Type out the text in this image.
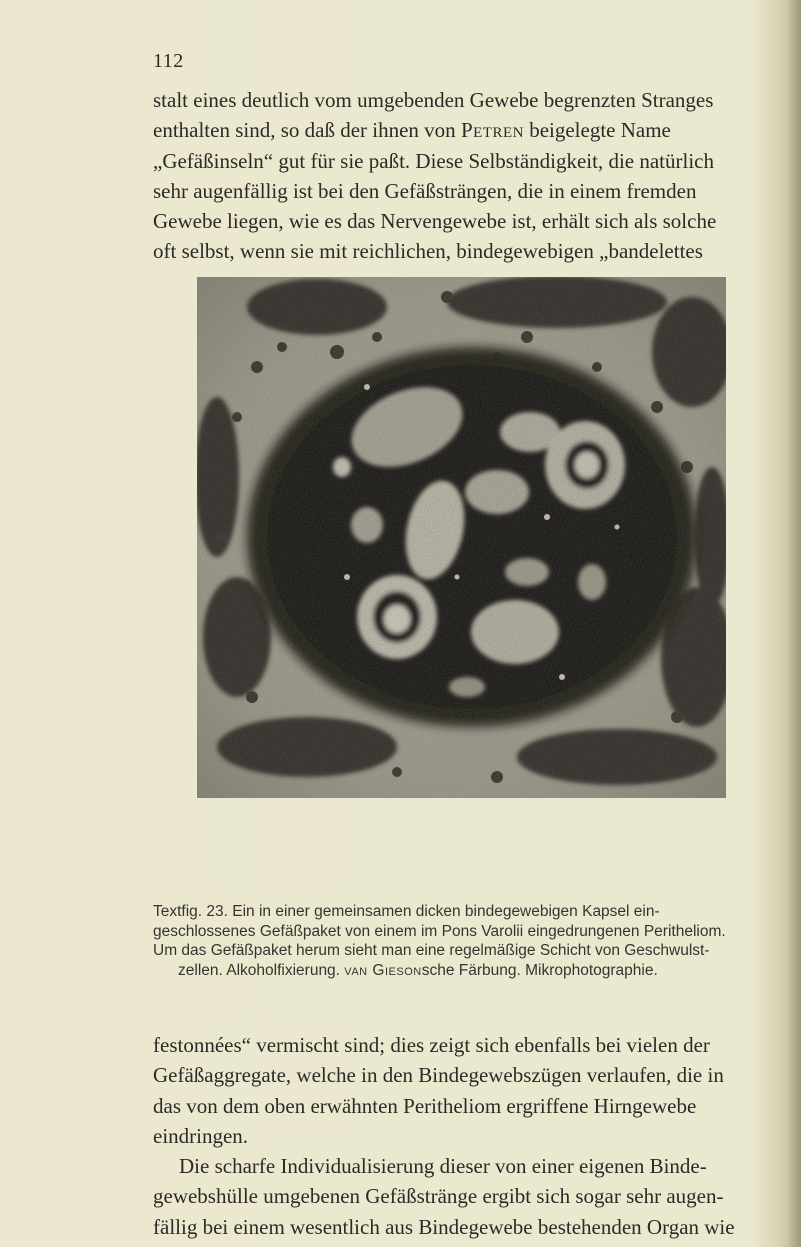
112

stalt eines deutlich vom umgebenden Gewebe begrenzten Stranges
enthalten sind, so daß der ihnen von Petren beigelegte Name
„Gefäßinseln“ gut für sie paßt. Diese Selbständigkeit, die natürlich
sehr augenfällig ist bei den Gefäßsträngen, die in einem fremden
Gewebe liegen, wie es das Nervengewebe ist, erhält sich als solche
oft selbst, wenn sie mit reichlichen, bindegewebigen „bandelettes

Textfig. 23. Ein in einer gemeinsamen dicken bindegewebigen Kapsel ein-
geschlossenes Gefäßpaket von einem im Pons Varolii eingedrungenen Peritheliom.
Um das Gefäßpaket herum sieht man eine regelmäßige Schicht von Geschwulst-
zellen. Alkoholfixierung. van Giesonsche Färbung. Mikrophotographie.

festonnées“ vermischt sind; dies zeigt sich ebenfalls bei vielen der
Gefäßaggregate, welche in den Bindegewebszügen verlaufen, die in
das von dem oben erwähnten Peritheliom ergriffene Hirngewebe
eindringen.
Die scharfe Individualisierung dieser von einer eigenen Binde-
gewebshülle umgebenen Gefäßstränge ergibt sich sogar sehr augen-
fällig bei einem wesentlich aus Bindegewebe bestehenden Organ wie
